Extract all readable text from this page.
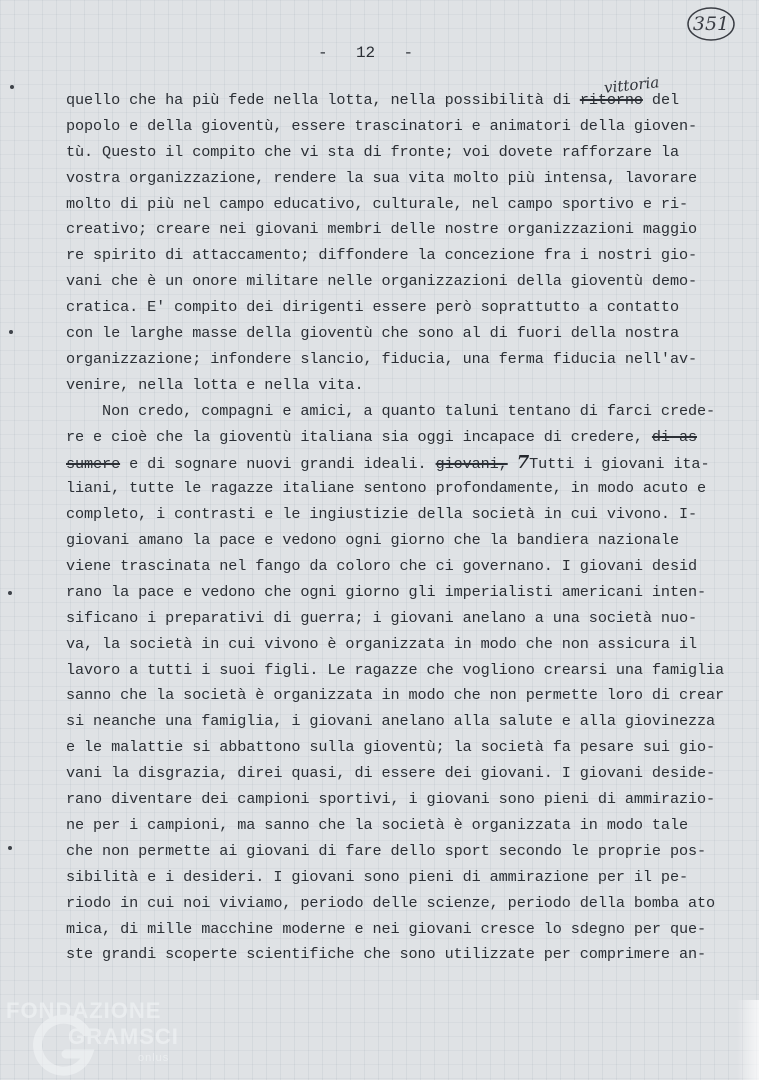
351
-   12   -
vittoria
quello che ha più fede nella lotta, nella possibilità di ritorno del
popolo e della gioventù, essere trascinatori e animatori della gioven-
tù. Questo il compito che vi sta di fronte; voi dovete rafforzare la
vostra organizzazione, rendere la sua vita molto più intensa, lavorare
molto di più nel campo educativo, culturale, nel campo sportivo e ri-
creativo; creare nei giovani membri delle nostre organizzazioni maggio
re spirito di attaccamento; diffondere la concezione fra i nostri gio-
vani che è un onore militare nelle organizzazioni della gioventù demo-
cratica. E' compito dei dirigenti essere però soprattutto a contatto
con le larghe masse della gioventù che sono al di fuori della nostra
organizzazione; infondere slancio, fiducia, una ferma fiducia nell'av-
venire, nella lotta e nella vita.
Non credo, compagni e amici, a quanto taluni tentano di farci crede-
re e cioè che la gioventù italiana sia oggi incapace di credere, di as
sumere e di sognare nuovi grandi ideali. giovani, 7Tutti i giovani ita-
liani, tutte le ragazze italiane sentono profondamente, in modo acuto e
completo, i contrasti e le ingiustizie della società in cui vivono. I-
giovani amano la pace e vedono ogni giorno che la bandiera nazionale
viene trascinata nel fango da coloro che ci governano. I giovani desid
rano la pace e vedono che ogni giorno gli imperialisti americani inten-
sificano i preparativi di guerra; i giovani anelano a una società nuo-
va, la società in cui vivono è organizzata in modo che non assicura il
lavoro a tutti i suoi figli. Le ragazze che vogliono crearsi una famiglia
sanno che la società è organizzata in modo che non permette loro di crear
si neanche una famiglia, i giovani anelano alla salute e alla giovinezza
e le malattie si abbattono sulla gioventù; la società fa pesare sui gio-
vani la disgrazia, direi quasi, di essere dei giovani. I giovani deside-
rano diventare dei campioni sportivi, i giovani sono pieni di ammirazio-
ne per i campioni, ma sanno che la società è organizzata in modo tale
che non permette ai giovani di fare dello sport secondo le proprie pos-
sibilità e i desideri. I giovani sono pieni di ammirazione per il pe-
riodo in cui noi viviamo, periodo delle scienze, periodo della bomba ato
mica, di mille macchine moderne e nei giovani cresce lo sdegno per que-
ste grandi scoperte scientifiche che sono utilizzate per comprimere an-
FONDAZIONE
GRAMSCI
onlus
